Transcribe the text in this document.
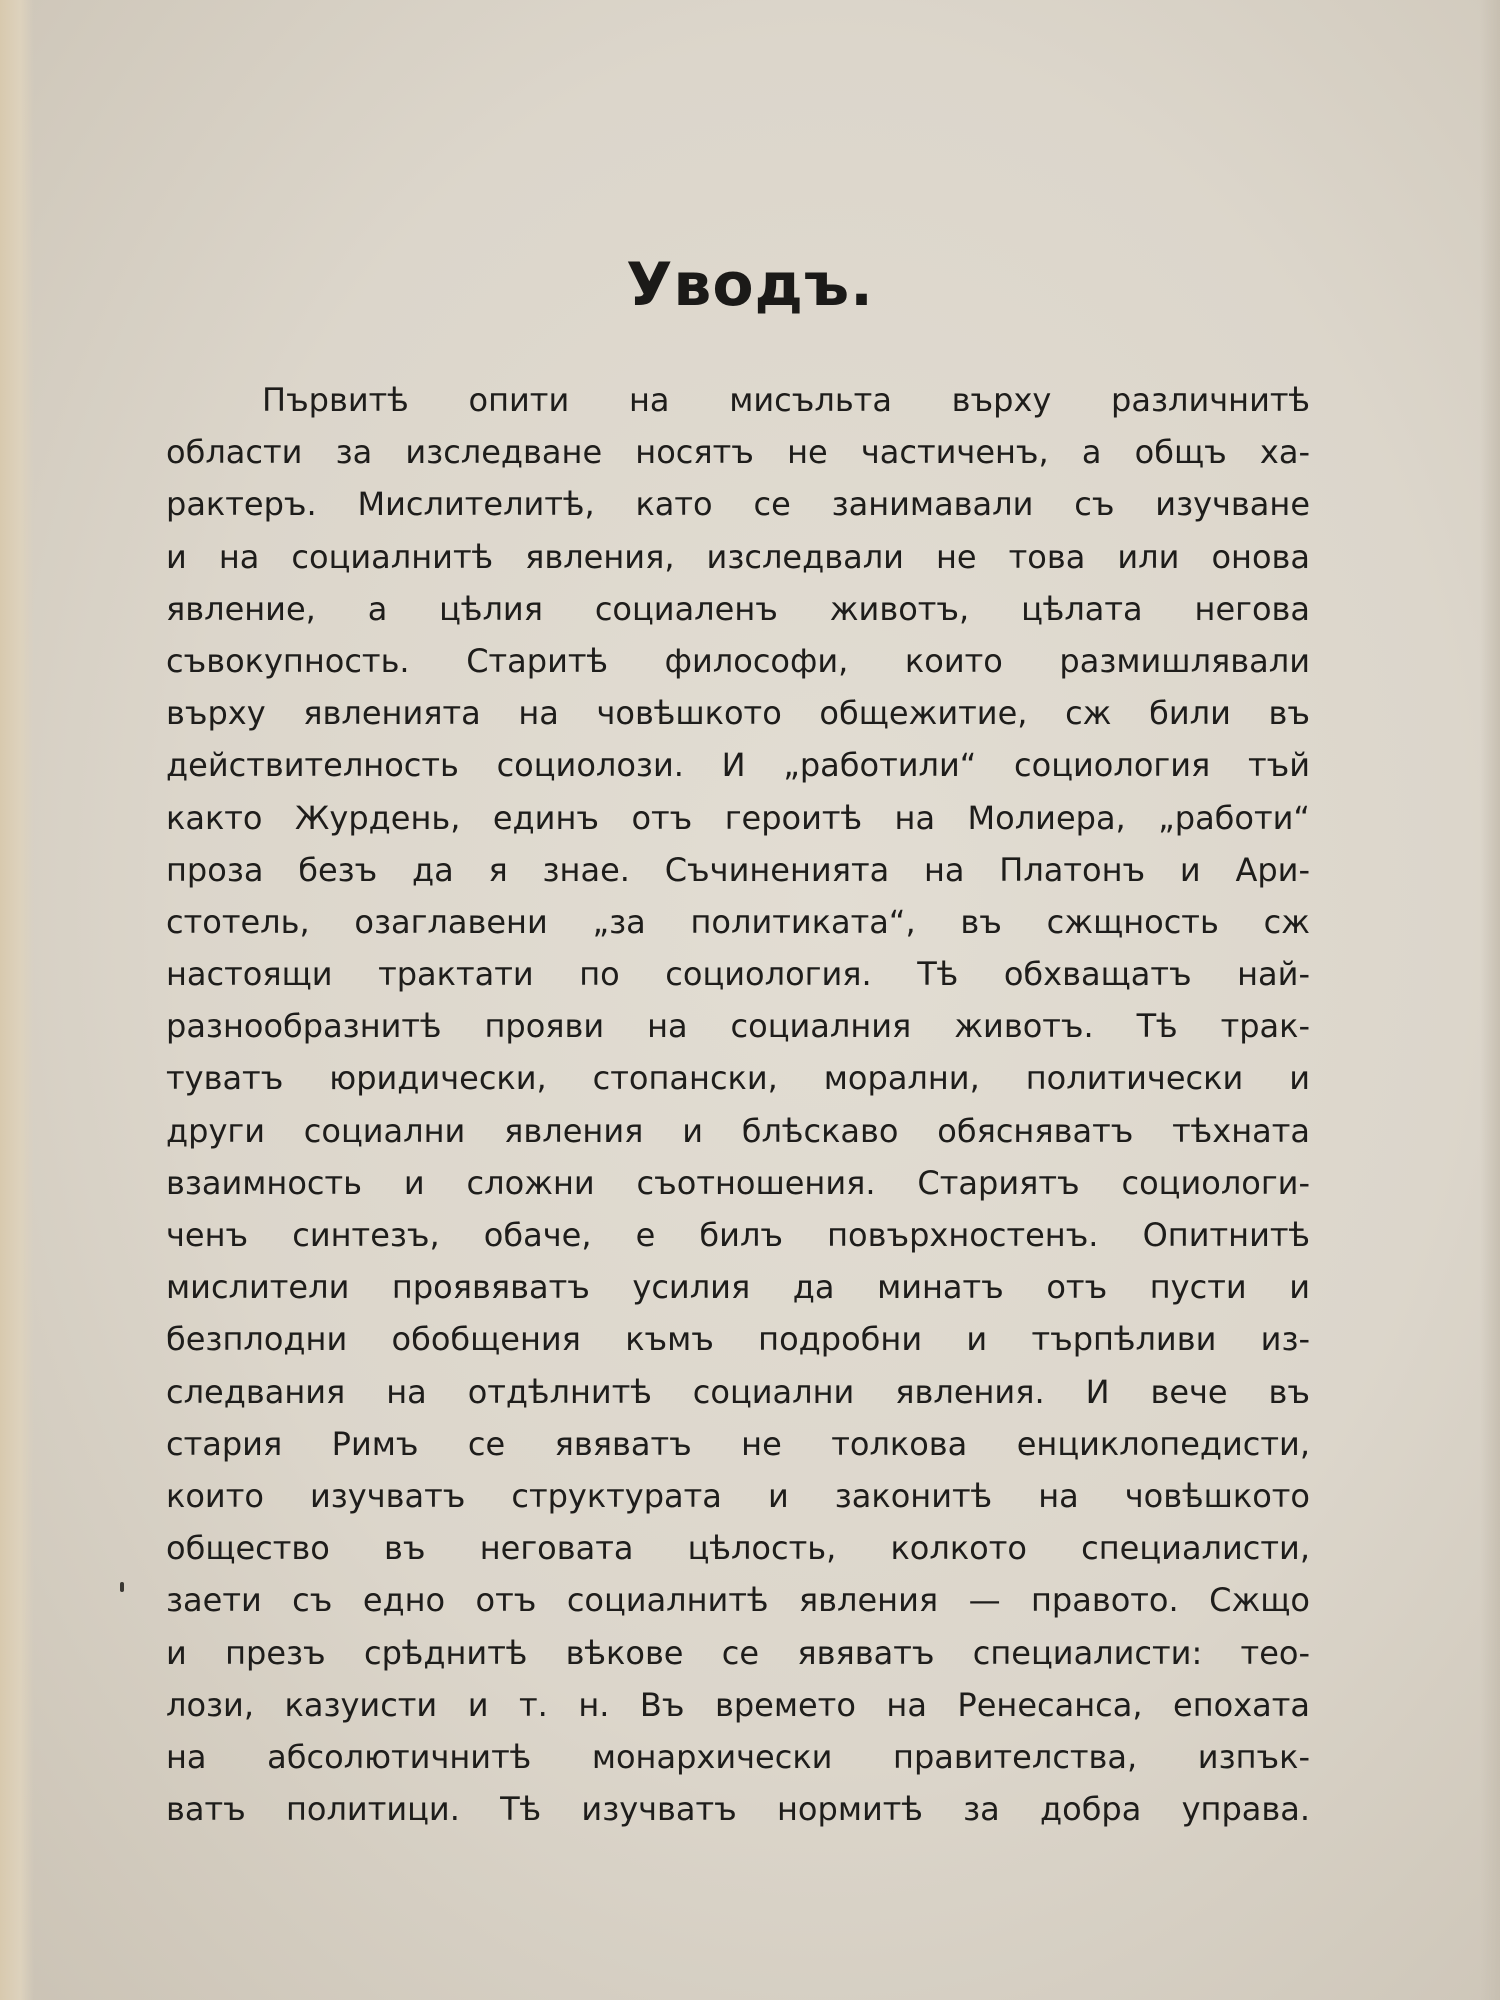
Уводъ.
Първитѣ опити на мисъльта върху различнитѣ
области за изследване носятъ не частиченъ, а общъ ха-
рактеръ. Мислителитѣ, като се занимавали съ изучване
и на социалнитѣ явления, изследвали не това или онова
явление, а цѣлия социаленъ животъ, цѣлата негова
съвокупность. Старитѣ философи, които размишлявали
върху явленията на човѣшкото общежитие, сж били въ
действителность социолози. И „работили“ социология тъй
както Журдень, единъ отъ героитѣ на Молиера, „работи“
проза безъ да я знае. Съчиненията на Платонъ и Ари-
стотель, озаглавени „за политиката“, въ сжщность сж
настоящи трактати по социология. Тѣ обхващатъ най-
разнообразнитѣ прояви на социалния животъ. Тѣ трак-
туватъ юридически, стопански, морални, политически и
други социални явления и блѣскаво обясняватъ тѣхната
взаимность и сложни съотношения. Стариятъ социологи-
ченъ синтезъ, обаче, е билъ повърхностенъ. Опитнитѣ
мислители проявяватъ усилия да минатъ отъ пусти и
безплодни обобщения къмъ подробни и търпѣливи из-
следвания на отдѣлнитѣ социални явления. И вече въ
стария Римъ се явяватъ не толкова енциклопедисти,
които изучватъ структурата и законитѣ на човѣшкото
общество въ неговата цѣлость, колкото специалисти,
заети съ едно отъ социалнитѣ явления — правото. Сжщо
и презъ срѣднитѣ вѣкове се явяватъ специалисти: тео-
лози, казуисти и т. н. Въ времето на Ренесанса, епохата
на абсолютичнитѣ монархически правителства, изпък-
ватъ политици. Тѣ изучватъ нормитѣ за добра управа.
